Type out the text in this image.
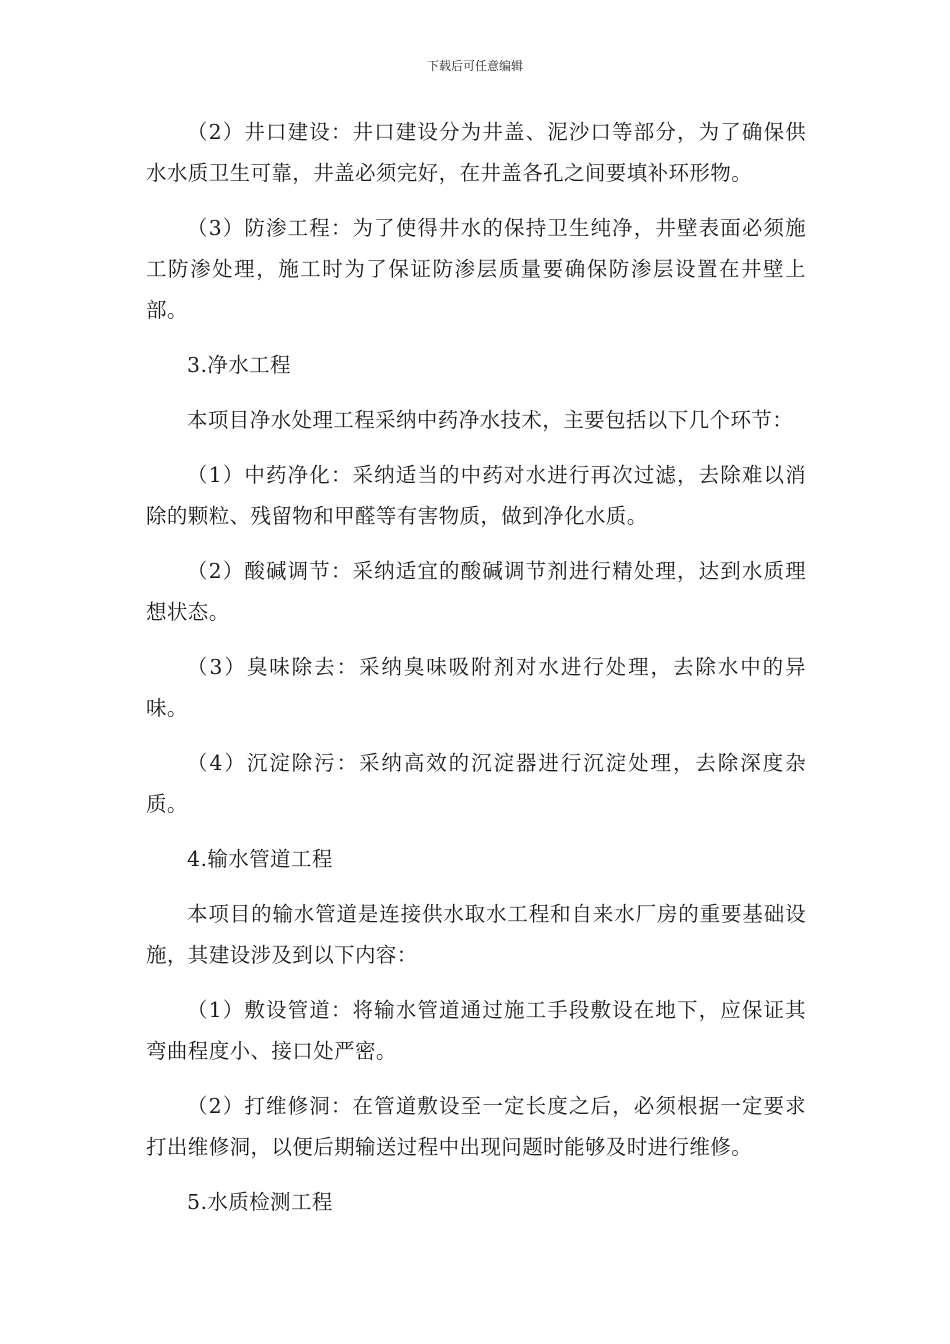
下载后可任意编辑

（2）井口建设：井口建设分为井盖、泥沙口等部分，为了确保供水水质卫生可靠，井盖必须完好，在井盖各孔之间要填补环形物。

（3）防渗工程：为了使得井水的保持卫生纯净，井壁表面必须施工防渗处理，施工时为了保证防渗层质量要确保防渗层设置在井壁上部。

3.净水工程

本项目净水处理工程采纳中药净水技术，主要包括以下几个环节：

（1）中药净化：采纳适当的中药对水进行再次过滤，去除难以消除的颗粒、残留物和甲醛等有害物质，做到净化水质。

（2）酸碱调节：采纳适宜的酸碱调节剂进行精处理，达到水质理想状态。

（3）臭味除去：采纳臭味吸附剂对水进行处理，去除水中的异味。

（4）沉淀除污：采纳高效的沉淀器进行沉淀处理，去除深度杂质。

4.输水管道工程

本项目的输水管道是连接供水取水工程和自来水厂房的重要基础设施，其建设涉及到以下内容：

（1）敷设管道：将输水管道通过施工手段敷设在地下，应保证其弯曲程度小、接口处严密。

（2）打维修洞：在管道敷设至一定长度之后，必须根据一定要求打出维修洞，以便后期输送过程中出现问题时能够及时进行维修。

5.水质检测工程
